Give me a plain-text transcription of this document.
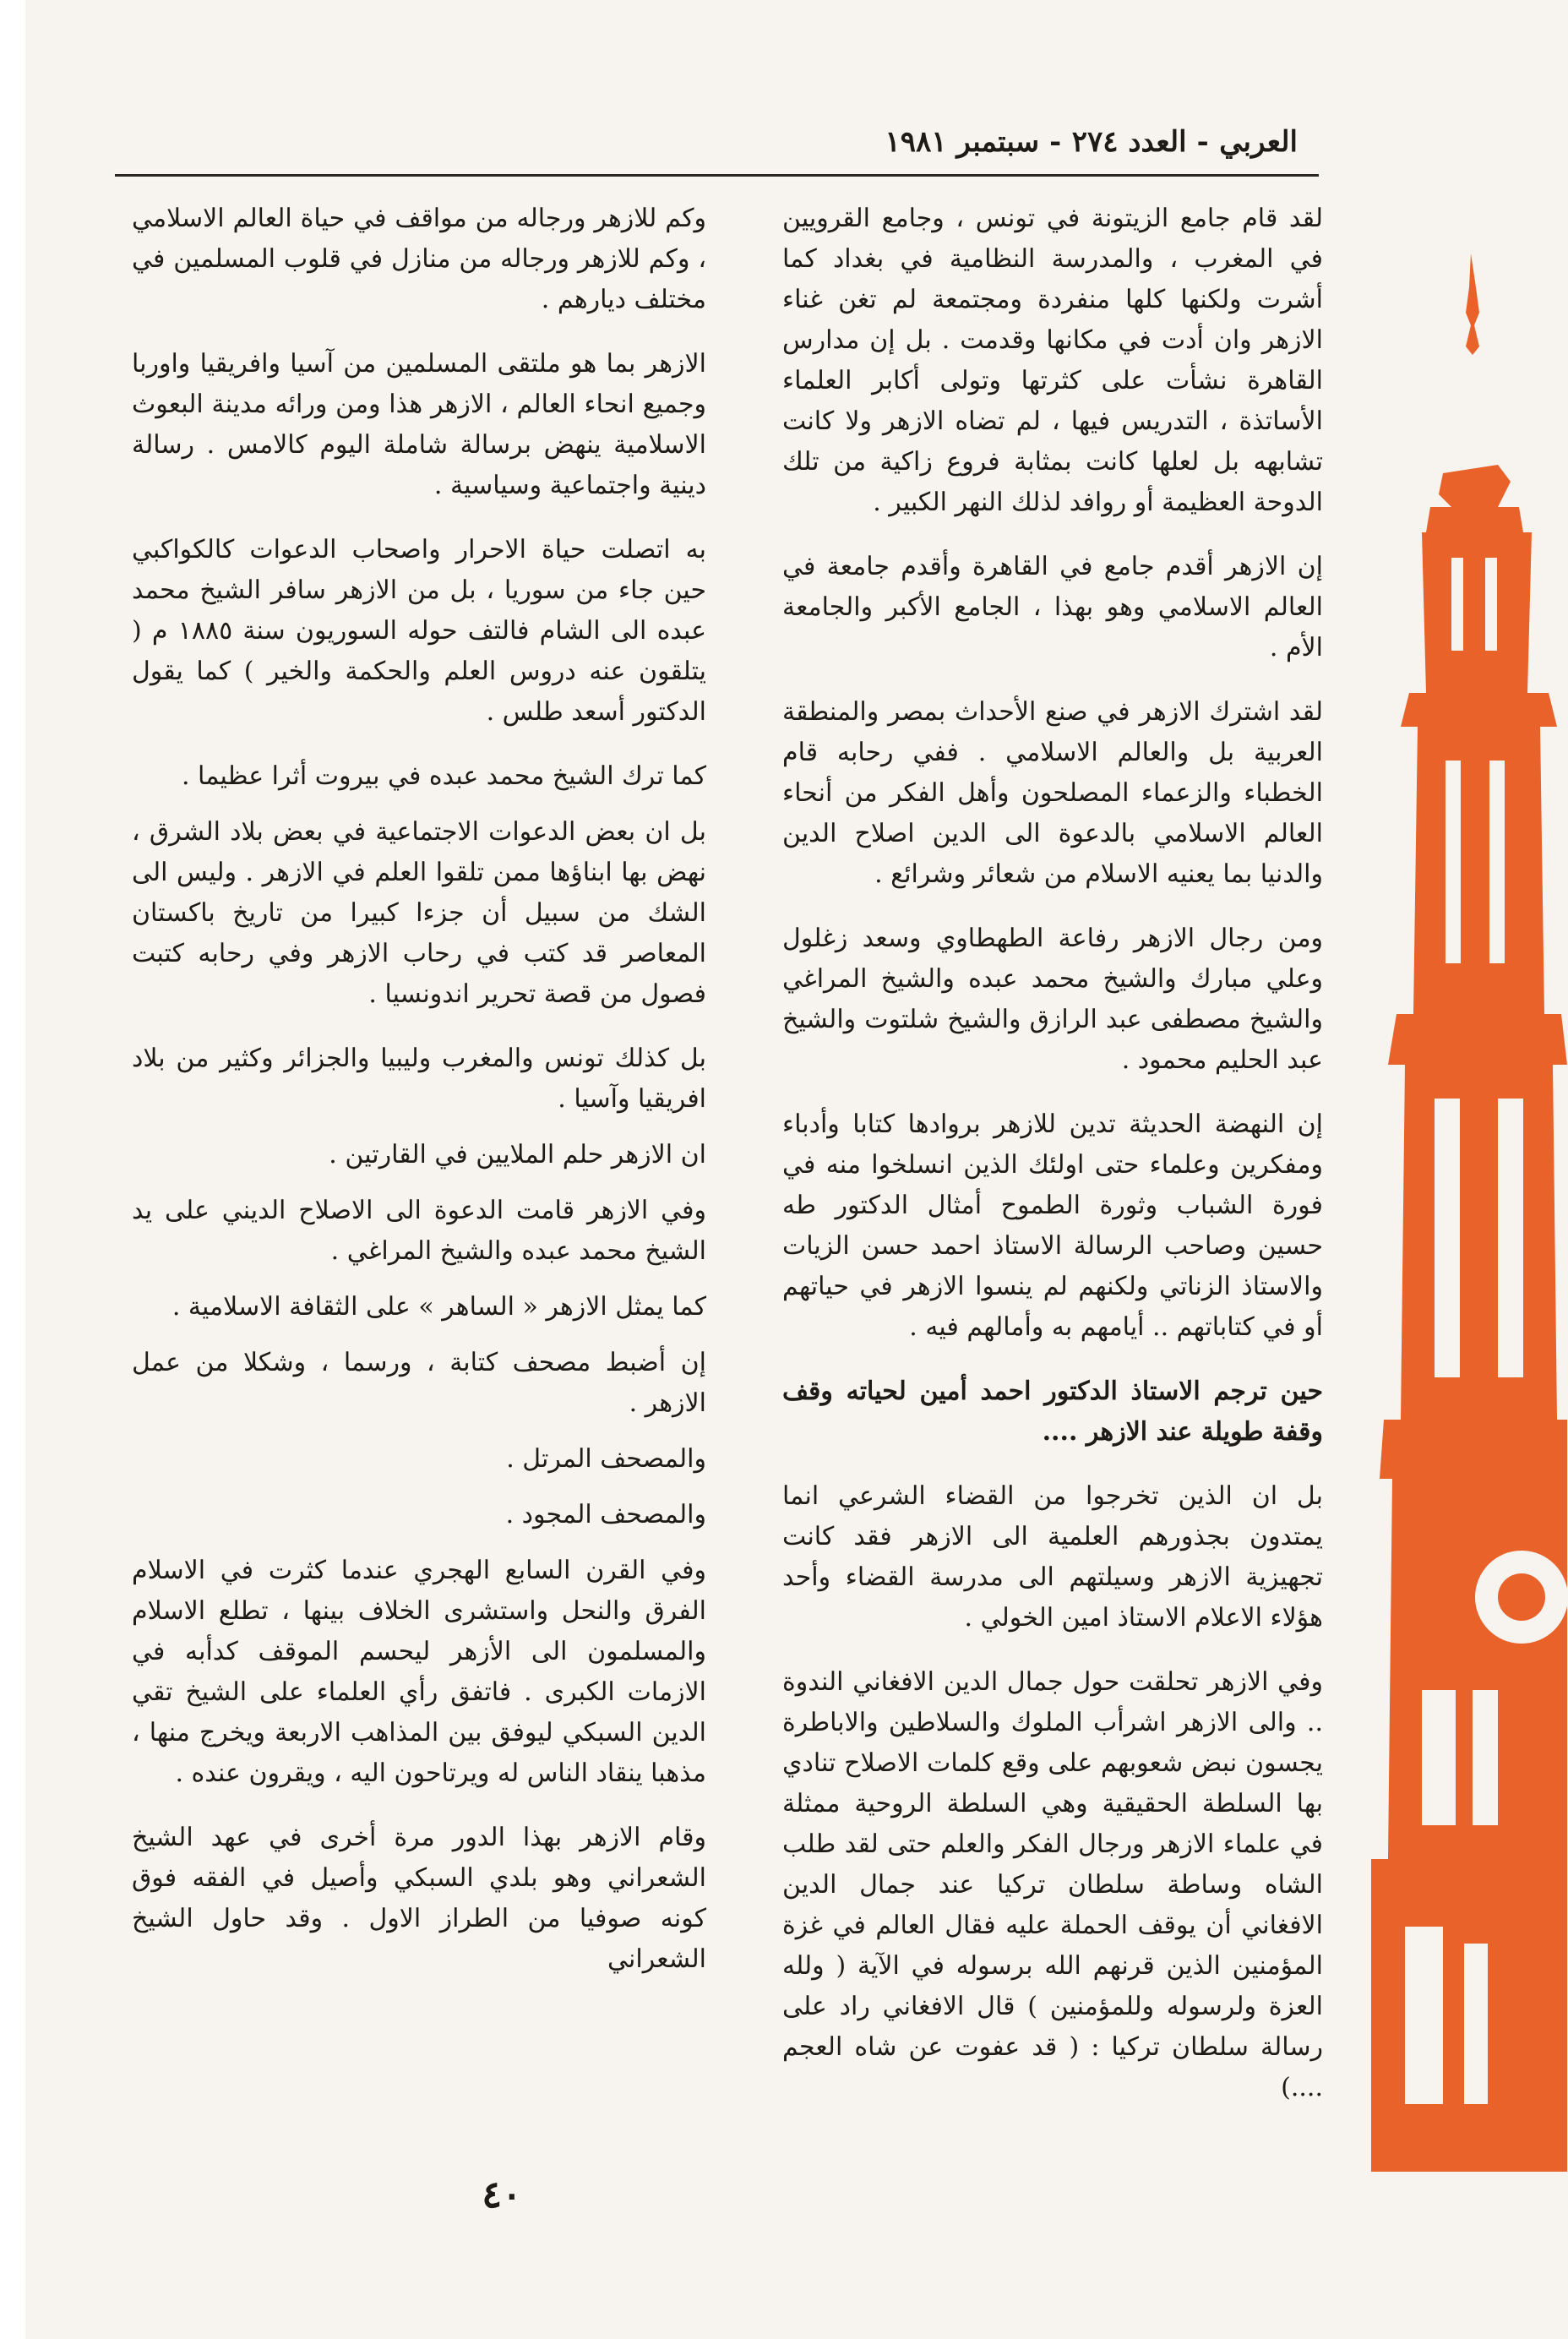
العربي
-
العدد ٢٧٤
-
سبتمبر ١٩٨١

لقد قام جامع الزيتونة في تونس ، وجامع القرويين في المغرب ، والمدرسة النظامية في بغداد كما أشرت ولكنها كلها منفردة ومجتمعة لم تغن غناء الازهر وان أدت في مكانها وقدمت . بل إن مدارس القاهرة نشأت على كثرتها وتولى أكابر العلماء الأساتذة ، التدريس فيها ، لم تضاه الازهر ولا كانت تشابهه بل لعلها كانت بمثابة فروع زاكية من تلك الدوحة العظيمة أو روافد لذلك النهر الكبير .

إن الازهر أقدم جامع في القاهرة وأقدم جامعة في العالم الاسلامي وهو بهذا ، الجامع الأكبر والجامعة الأم .

لقد اشترك الازهر في صنع الأحداث بمصر والمنطقة العربية بل والعالم الاسلامي . ففي رحابه قام الخطباء والزعماء المصلحون وأهل الفكر من أنحاء العالم الاسلامي بالدعوة الى الدين اصلاح الدين والدنيا بما يعنيه الاسلام من شعائر وشرائع .

ومن رجال الازهر رفاعة الطهطاوي وسعد زغلول وعلي مبارك والشيخ محمد عبده والشيخ المراغي والشيخ مصطفى عبد الرازق والشيخ شلتوت والشيخ عبد الحليم محمود .

إن النهضة الحديثة تدين للازهر بروادها كتابا وأدباء ومفكرين وعلماء حتى اولئك الذين انسلخوا منه في فورة الشباب وثورة الطموح أمثال الدكتور طه حسين وصاحب الرسالة الاستاذ احمد حسن الزيات والاستاذ الزناتي ولكنهم لم ينسوا الازهر في حياتهم أو في كتاباتهم .. أيامهم به وأمالهم فيه .

حين ترجم الاستاذ الدكتور احمد أمين لحياته وقف وقفة طويلة عند الازهر ....

بل ان الذين تخرجوا من القضاء الشرعي انما يمتدون بجذورهم العلمية الى الازهر فقد كانت تجهيزية الازهر وسيلتهم الى مدرسة القضاء وأحد هؤلاء الاعلام الاستاذ امين الخولي .

وفي الازهر تحلقت حول جمال الدين الافغاني الندوة .. والى الازهر اشرأب الملوك والسلاطين والاباطرة يجسون نبض شعوبهم على وقع كلمات الاصلاح تنادي بها السلطة الحقيقية وهي السلطة الروحية ممثلة في علماء الازهر ورجال الفكر والعلم حتى لقد طلب الشاه وساطة سلطان تركيا عند جمال الدين الافغاني أن يوقف الحملة عليه فقال العالم في غزة المؤمنين الذين قرنهم الله برسوله في الآية ( ولله العزة ولرسوله وللمؤمنين ) قال الافغاني راد على رسالة سلطان تركيا : ( قد عفوت عن شاه العجم ....)

وكم للازهر ورجاله من مواقف في حياة العالم الاسلامي ، وكم للازهر ورجاله من منازل في قلوب المسلمين في مختلف ديارهم .

الازهر بما هو ملتقى المسلمين من آسيا وافريقيا واوربا وجميع انحاء العالم ، الازهر هذا ومن ورائه مدينة البعوث الاسلامية ينهض برسالة شاملة اليوم كالامس . رسالة دينية واجتماعية وسياسية .

به اتصلت حياة الاحرار واصحاب الدعوات كالكواكبي حين جاء من سوريا ، بل من الازهر سافر الشيخ محمد عبده الى الشام فالتف حوله السوريون سنة ١٨٨٥ م ( يتلقون عنه دروس العلم والحكمة والخير ) كما يقول الدكتور أسعد طلس .

كما ترك الشيخ محمد عبده في بيروت أثرا عظيما .

بل ان بعض الدعوات الاجتماعية في بعض بلاد الشرق ، نهض بها ابناؤها ممن تلقوا العلم في الازهر . وليس الى الشك من سبيل أن جزءا كبيرا من تاريخ باكستان المعاصر قد كتب في رحاب الازهر وفي رحابه كتبت فصول من قصة تحرير اندونسيا .

بل كذلك تونس والمغرب وليبيا والجزائر وكثير من بلاد افريقيا وآسيا .

ان الازهر حلم الملايين في القارتين .

وفي الازهر قامت الدعوة الى الاصلاح الديني على يد الشيخ محمد عبده والشيخ المراغي .

كما يمثل الازهر « الساهر » على الثقافة الاسلامية .

إن أضبط مصحف كتابة ، ورسما ، وشكلا من عمل الازهر .

والمصحف المرتل .

والمصحف المجود .

وفي القرن السابع الهجري عندما كثرت في الاسلام الفرق والنحل واستشرى الخلاف بينها ، تطلع الاسلام والمسلمون الى الأزهر ليحسم الموقف كدأبه في الازمات الكبرى . فاتفق رأي العلماء على الشيخ تقي الدين السبكي ليوفق بين المذاهب الاربعة ويخرج منها ، مذهبا ينقاد الناس له ويرتاحون اليه ، ويقرون عنده .

وقام الازهر بهذا الدور مرة أخرى في عهد الشيخ الشعراني وهو بلدي السبكي وأصيل في الفقه فوق كونه صوفيا من الطراز الاول . وقد حاول الشيخ الشعراني

٤٠
